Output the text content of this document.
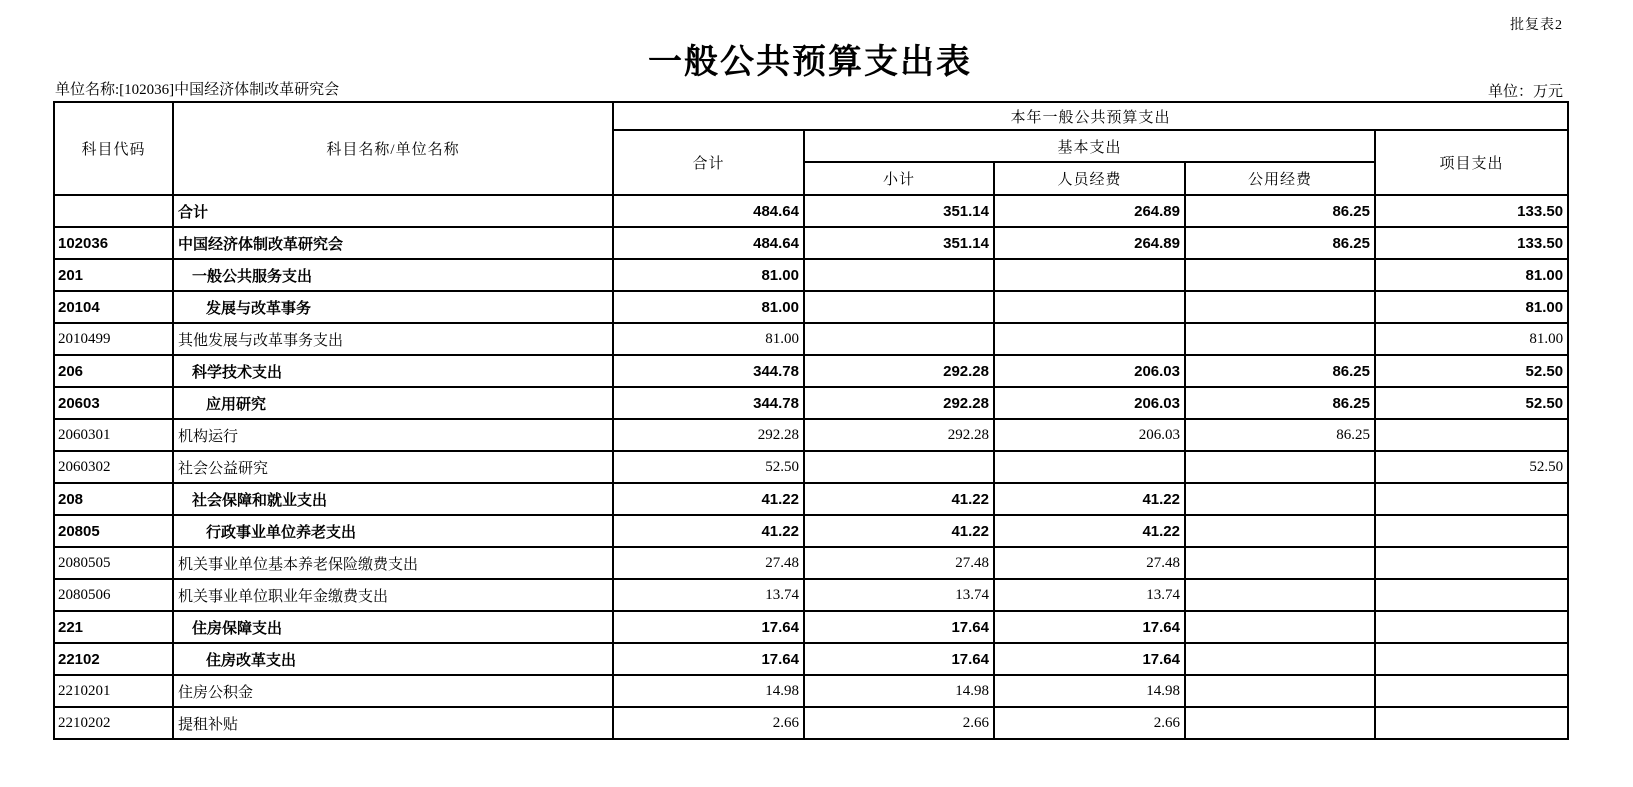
批复表2
一般公共预算支出表
单位名称:[102036]中国经济体制改革研究会	单位：万元
科目代码	科目名称/单位名称	本年一般公共预算支出				
		合计	基本支出			项目支出
			小计	人员经费	公用经费	
	合计	484.64	351.14	264.89	86.25	133.50
102036	中国经济体制改革研究会	484.64	351.14	264.89	86.25	133.50
201	一般公共服务支出	81.00				81.00
20104	发展与改革事务	81.00				81.00
2010499	其他发展与改革事务支出	81.00				81.00
206	科学技术支出	344.78	292.28	206.03	86.25	52.50
20603	应用研究	344.78	292.28	206.03	86.25	52.50
2060301	机构运行	292.28	292.28	206.03	86.25	
2060302	社会公益研究	52.50				52.50
208	社会保障和就业支出	41.22	41.22	41.22		
20805	行政事业单位养老支出	41.22	41.22	41.22		
2080505	机关事业单位基本养老保险缴费支出	27.48	27.48	27.48		
2080506	机关事业单位职业年金缴费支出	13.74	13.74	13.74		
221	住房保障支出	17.64	17.64	17.64		
22102	住房改革支出	17.64	17.64	17.64		
2210201	住房公积金	14.98	14.98	14.98		
2210202	提租补贴	2.66	2.66	2.66		
